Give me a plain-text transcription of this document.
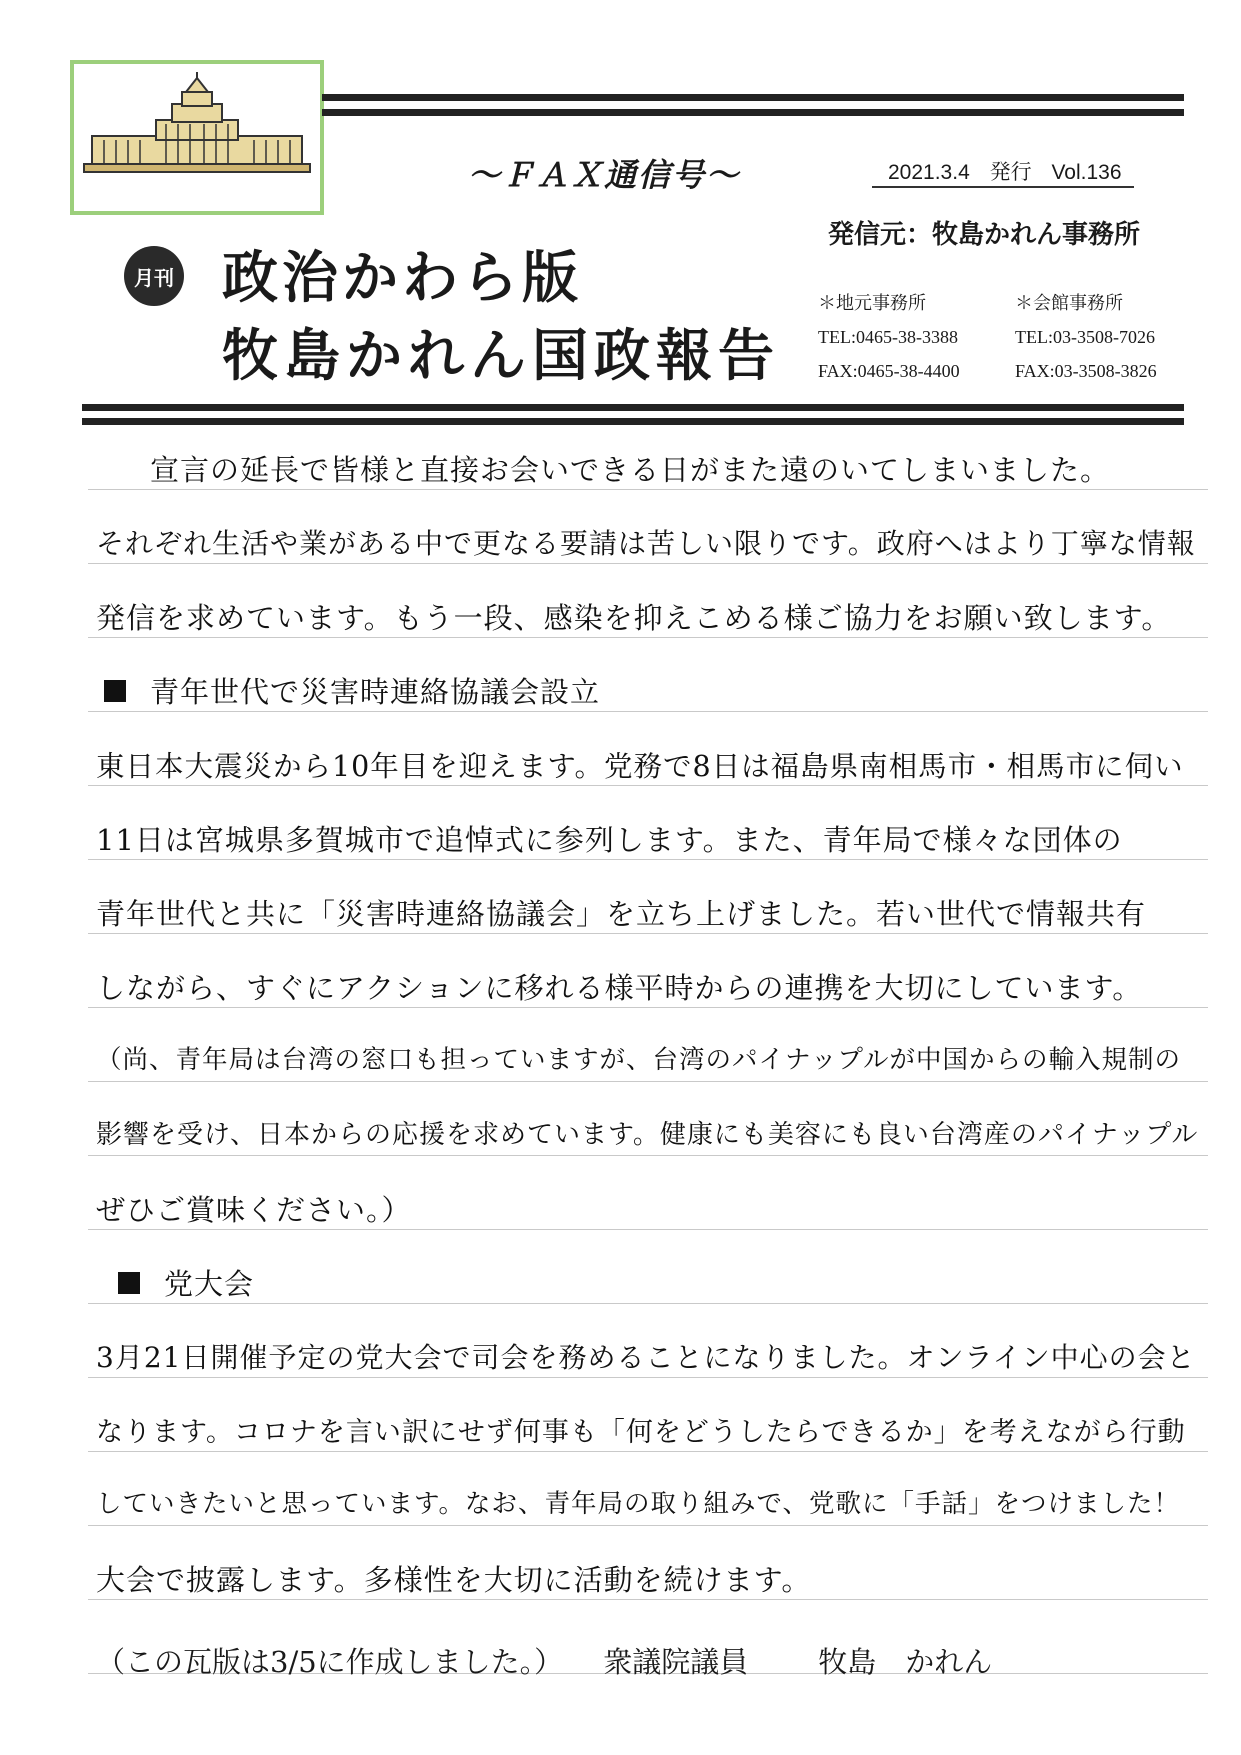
～ＦＡＸ通信号～	2021.3.4 発行 Vol.136
発信元：牧島かれん事務所
月刊 政治かわら版
牧島かれん国政報告
＊地元事務所
TEL:0465-38-3388
FAX:0465-38-4400
＊会館事務所
TEL:03-3508-7026
FAX:03-3508-3826
宣言の延長で皆様と直接お会いできる日がまた遠のいてしまいました。
それぞれ生活や業がある中で更なる要請は苦しい限りです。政府へはより丁寧な情報
発信を求めています。もう一段、感染を抑えこめる様ご協力をお願い致します。
青年世代で災害時連絡協議会設立
東日本大震災から10年目を迎えます。党務で8日は福島県南相馬市・相馬市に伺い
11日は宮城県多賀城市で追悼式に参列します。また、青年局で様々な団体の
青年世代と共に「災害時連絡協議会」を立ち上げました。若い世代で情報共有
しながら、すぐにアクションに移れる様平時からの連携を大切にしています。
（尚、青年局は台湾の窓口も担っていますが、台湾のパイナップルが中国からの輸入規制の
影響を受け、日本からの応援を求めています。健康にも美容にも良い台湾産のパイナップル
ぜひご賞味ください。）
党大会
3月21日開催予定の党大会で司会を務めることになりました。オンライン中心の会と
なります。コロナを言い訳にせず何事も「何をどうしたらできるか」を考えながら行動
していきたいと思っています。なお、青年局の取り組みで、党歌に「手話」をつけました！
大会で披露します。多様性を大切に活動を続けます。
（この瓦版は3/5に作成しました。） 衆議院議員 牧島　かれん
